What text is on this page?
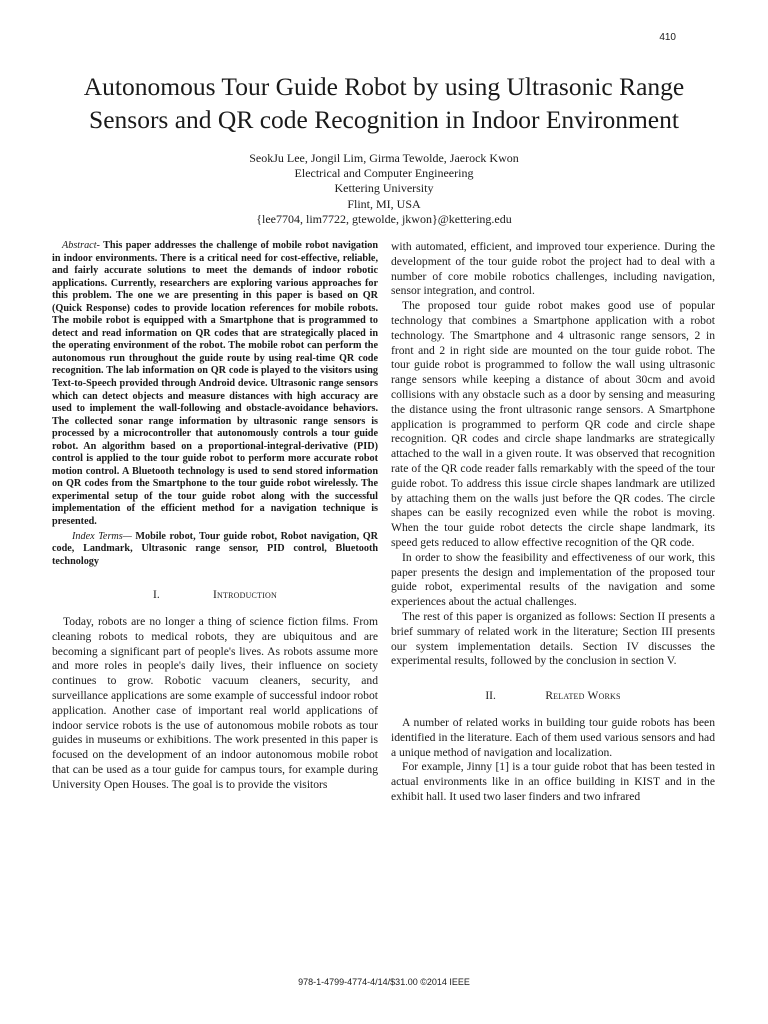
410
Autonomous Tour Guide Robot by using Ultrasonic Range
Sensors and QR code Recognition in Indoor Environment
SeokJu Lee, Jongil Lim, Girma Tewolde, Jaerock Kwon
Electrical and Computer Engineering
Kettering University
Flint, MI, USA
{lee7704, lim7722, gtewolde, jkwon}@kettering.edu
Abstract- This paper addresses the challenge of mobile robot navigation in indoor environments. There is a critical need for cost-effective, reliable, and fairly accurate solutions to meet the demands of indoor robotic applications. Currently, researchers are exploring various approaches for this problem. The one we are presenting in this paper is based on QR (Quick Response) codes to provide location references for mobile robots. The mobile robot is equipped with a Smartphone that is programmed to detect and read information on QR codes that are strategically placed in the operating environment of the robot. The mobile robot can perform the autonomous run throughout the guide route by using real-time QR code recognition. The lab information on QR code is played to the visitors using Text-to-Speech provided through Android device. Ultrasonic range sensors which can detect objects and measure distances with high accuracy are used to implement the wall-following and obstacle-avoidance behaviors. The collected sonar range information by ultrasonic range sensors is processed by a microcontroller that autonomously controls a tour guide robot. An algorithm based on a proportional-integral-derivative (PID) control is applied to the tour guide robot to perform more accurate robot motion control. A Bluetooth technology is used to send stored information on QR codes from the Smartphone to the tour guide robot wirelessly. The experimental setup of the tour guide robot along with the successful implementation of the efficient method for a navigation technique is presented.
Index Terms— Mobile robot, Tour guide robot, Robot navigation, QR code, Landmark, Ultrasonic range sensor, PID control, Bluetooth technology
I.	Introduction

Today, robots are no longer a thing of science fiction films. From cleaning robots to medical robots, they are ubiquitous and are becoming a significant part of people's lives. As robots assume more and more roles in people's daily lives, their influence on society continues to grow. Robotic vacuum cleaners, security, and surveillance applications are some example of successful indoor robot application. Another case of important real world applications of indoor service robots is the use of autonomous mobile robots as tour guides in museums or exhibitions. The work presented in this paper is focused on the development of an indoor autonomous mobile robot that can be used as a tour guide for campus tours, for example during University Open Houses. The goal is to provide the visitors

with automated, efficient, and improved tour experience. During the development of the tour guide robot the project had to deal with a number of core mobile robotics challenges, including navigation, sensor integration, and control.

The proposed tour guide robot makes good use of popular technology that combines a Smartphone application with a robot technology. The Smartphone and 4 ultrasonic range sensors, 2 in front and 2 in right side are mounted on the tour guide robot. The tour guide robot is programmed to follow the wall using ultrasonic range sensors while keeping a distance of about 30cm and avoid collisions with any obstacle such as a door by sensing and measuring the distance using the front ultrasonic range sensors. A Smartphone application is programmed to perform QR code and circle shape recognition. QR codes and circle shape landmarks are strategically attached to the wall in a given route. It was observed that recognition rate of the QR code reader falls remarkably with the speed of the tour guide robot. To address this issue circle shapes landmark are utilized by attaching them on the walls just before the QR codes. The circle shapes can be easily recognized even while the robot is moving. When the tour guide robot detects the circle shape landmark, its speed gets reduced to allow effective recognition of the QR code.

In order to show the feasibility and effectiveness of our work, this paper presents the design and implementation of the proposed tour guide robot, experimental results of the navigation and some experiences about the actual challenges.

The rest of this paper is organized as follows: Section II presents a brief summary of related work in the literature; Section III presents our system implementation details. Section IV discusses the experimental results, followed by the conclusion in section V.

II.	Related Works

A number of related works in building tour guide robots has been identified in the literature. Each of them used various sensors and had a unique method of navigation and localization.

For example, Jinny [1] is a tour guide robot that has been tested in actual environments like in an office building in KIST and in the exhibit hall. It used two laser finders and two infrared

978-1-4799-4774-4/14/$31.00 ©2014 IEEE
